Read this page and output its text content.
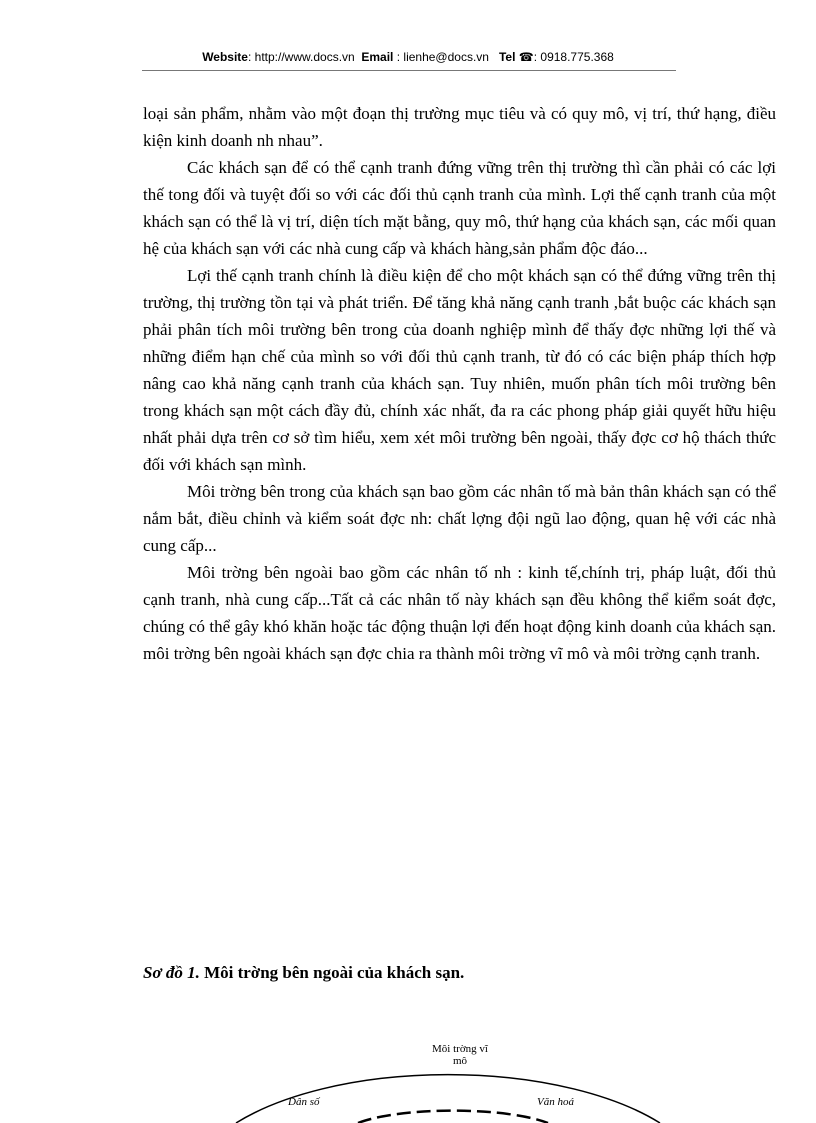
Website: http://www.docs.vn Email : lienhe@docs.vn Tel ☎: 0918.775.368

loại sản phẩm, nhằm vào một đoạn thị trường mục tiêu và có quy mô, vị trí, thứ hạng, điều kiện kinh doanh nh nhau”.

Các khách sạn để có thể cạnh tranh đứng vững trên thị trường thì cần phải có các lợi thế tong đối và tuyệt đối so với các đối thủ cạnh tranh của mình. Lợi thế cạnh tranh của một khách sạn có thể là vị trí, diện tích mặt bằng, quy mô, thứ hạng của khách sạn, các mối quan hệ của khách sạn với các nhà cung cấp và khách hàng,sản phẩm độc đáo...

Lợi thế cạnh tranh chính là điều kiện để cho một khách sạn có thể đứng vững trên thị trường, thị trường tồn tại và phát triển. Để tăng khả năng cạnh tranh ,bắt buộc các khách sạn phải phân tích môi trường bên trong của doanh nghiệp mình để thấy đợc những lợi thế và những điểm hạn chế của mình so với đối thủ cạnh tranh, từ đó có các biện pháp thích hợp nâng cao khả năng cạnh tranh của khách sạn. Tuy nhiên, muốn phân tích môi trường bên trong khách sạn một cách đầy đủ, chính xác nhất, đa ra các phong pháp giải quyết hữu hiệu nhất phải dựa trên cơ sở tìm hiểu, xem xét môi trường bên ngoài, thấy đợc cơ hộ thách thức đối với khách sạn mình.

Môi trờng bên trong của khách sạn bao gồm các nhân tố mà bản thân khách sạn có thể nắm bắt, điều chỉnh và kiểm soát đợc nh: chất lợng đội ngũ lao động, quan hệ với các nhà cung cấp...

Môi trờng bên ngoài bao gồm các nhân tố nh : kinh tế,chính trị, pháp luật, đối thủ cạnh tranh, nhà cung cấp...Tất cả các nhân tố này khách sạn đều không thể kiểm soát đợc, chúng có thể gây khó khăn hoặc tác động thuận lợi đến hoạt động kinh doanh của khách sạn. môi trờng bên ngoài khách sạn đợc chia ra thành môi trờng vĩ mô và môi trờng cạnh tranh.

Sơ đồ 1. Môi trờng bên ngoài của khách sạn.
Môi trờng vĩ
mô
Dân số	Văn hoá
